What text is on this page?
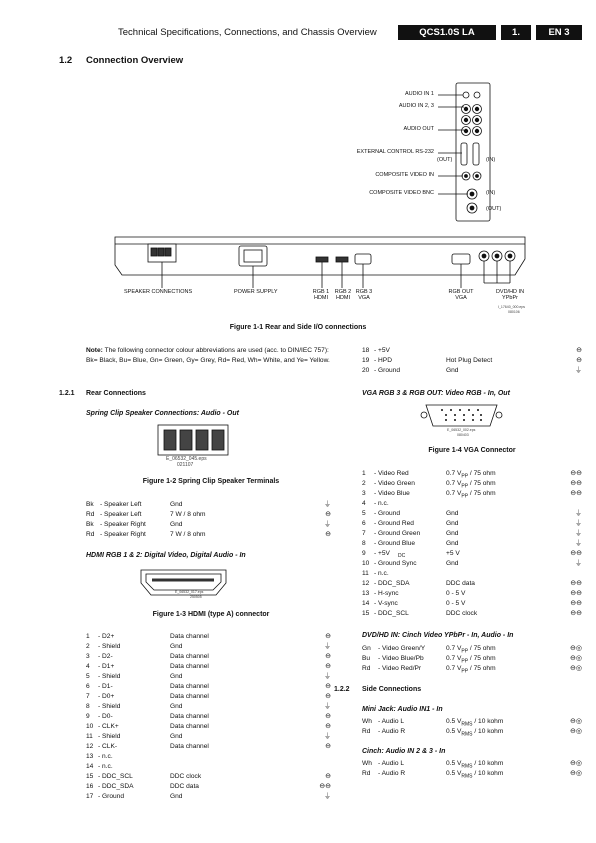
Technical Specifications, Connections, and Chassis Overview	QCS1.0S LA	1.	EN 3
1.2 Connection Overview
AUDIO IN 1
AUDIO IN 2, 3
AUDIO OUT
EXTERNAL CONTROL RS-232
COMPOSITE VIDEO IN
COMPOSITE VIDEO BNC
(OUT)	(IN)
(IN)
(OUT)
SPEAKER CONNECTIONS	POWER SUPPLY	RGB 1 HDMI
RGB 2 HDMI
RGB 3 VGA
RGB OUT VGA
DVD/HD IN YPbPr
I_17640_000.eps
080106
Figure 1-1 Rear and Side I/O connections
Note: The following connector colour abbreviations are used (acc. to DIN/IEC 757): Bk= Black, Bu= Blue, Gn= Green, Gy= Grey, Rd= Red, Wh= White, and Ye= Yellow.
1.2.1 Rear Connections
Spring Clip Speaker Connections: Audio - Out
E_06532_045.eps
021107
Figure 1-2 Spring Clip Speaker Terminals
Bk - Speaker Left	Gnd	⏚
Rd - Speaker Left	7 W / 8 ohm	⊖
Bk - Speaker Right	Gnd	⏚
Rd - Speaker Right	7 W / 8 ohm	⊖
HDMI RGB 1 & 2: Digital Video, Digital Audio - In
E_06532_017.eps
250505
Figure 1-3 HDMI (type A) connector
1 - D2+	Data channel	⊖
2 - Shield	Gnd	⏚
3 - D2-	Data channel	⊖
4 - D1+	Data channel	⊖
5 - Shield	Gnd	⏚
6 - D1-	Data channel	⊖
7 - D0+	Data channel	⊖
8 - Shield	Gnd	⏚
9 - D0-	Data channel	⊖
10 - CLK+	Data channel	⊖
11 - Shield	Gnd	⏚
12 - CLK-	Data channel	⊖
13 - n.c.
14 - n.c.
15 - DDC_SCL	DDC clock	⊖
16 - DDC_SDA	DDC data	⊖⊖
17 - Ground	Gnd	⏚
18 - +5V	⊖
19 - HPD	Hot Plug Detect	⊖
20 - Ground	Gnd	⏚
VGA RGB 3 & RGB OUT: Video RGB - In, Out
E_06532_002.eps
080403
Figure 1-4 VGA Connector
1 - Video Red	0.7 $V_{PP} / 75$ ohm	⊖⊖
2 - Video Green	0.7 $V_{PP} / 75$ ohm	⊖⊖
3 - Video Blue	0.7 $V_{PP} / 75$ ohm	⊖⊖
4 - n.c.
5 - Ground	Gnd	⏚
6 - Ground Red	Gnd	⏚
7 - Ground Green	Gnd	⏚
8 - Ground Blue	Gnd	⏚
9 - +5V	+5 V	⊖⊖
DC
10 - Ground Sync	Gnd	⏚
11 - n.c.
12 - DDC_SDA	DDC data	⊖⊖
13 - H-sync	0 - 5 V	⊖⊖
14 - V-sync	0 - 5 V	⊖⊖
15 - DDC_SCL	DDC clock	⊖⊖
DVD/HD IN: Cinch Video YPbPr - In, Audio - In
Gn - Video Green/Y	0.7 $V_{PP} / 75$ ohm	⊖◎
Bu - Video Blue/Pb	0.7 $V_{PP} / 75$ ohm	⊖◎
Rd - Video Red/Pr	0.7 $V_{PP} / 75$ ohm	⊖◎
1.2.2 Side Connections
Mini Jack: Audio IN1 - In
Wh - Audio L	0.5 $V_{RMS} / 10$ kohm	⊖◎
Rd - Audio R	0.5 $V_{RMS} / 10$ kohm	⊖◎
Cinch: Audio IN 2 & 3 - In
Wh - Audio L	0.5 $V_{RMS} / 10$ kohm	⊖◎
Rd - Audio R	0.5 $V_{RMS} / 10$ kohm	⊖◎
